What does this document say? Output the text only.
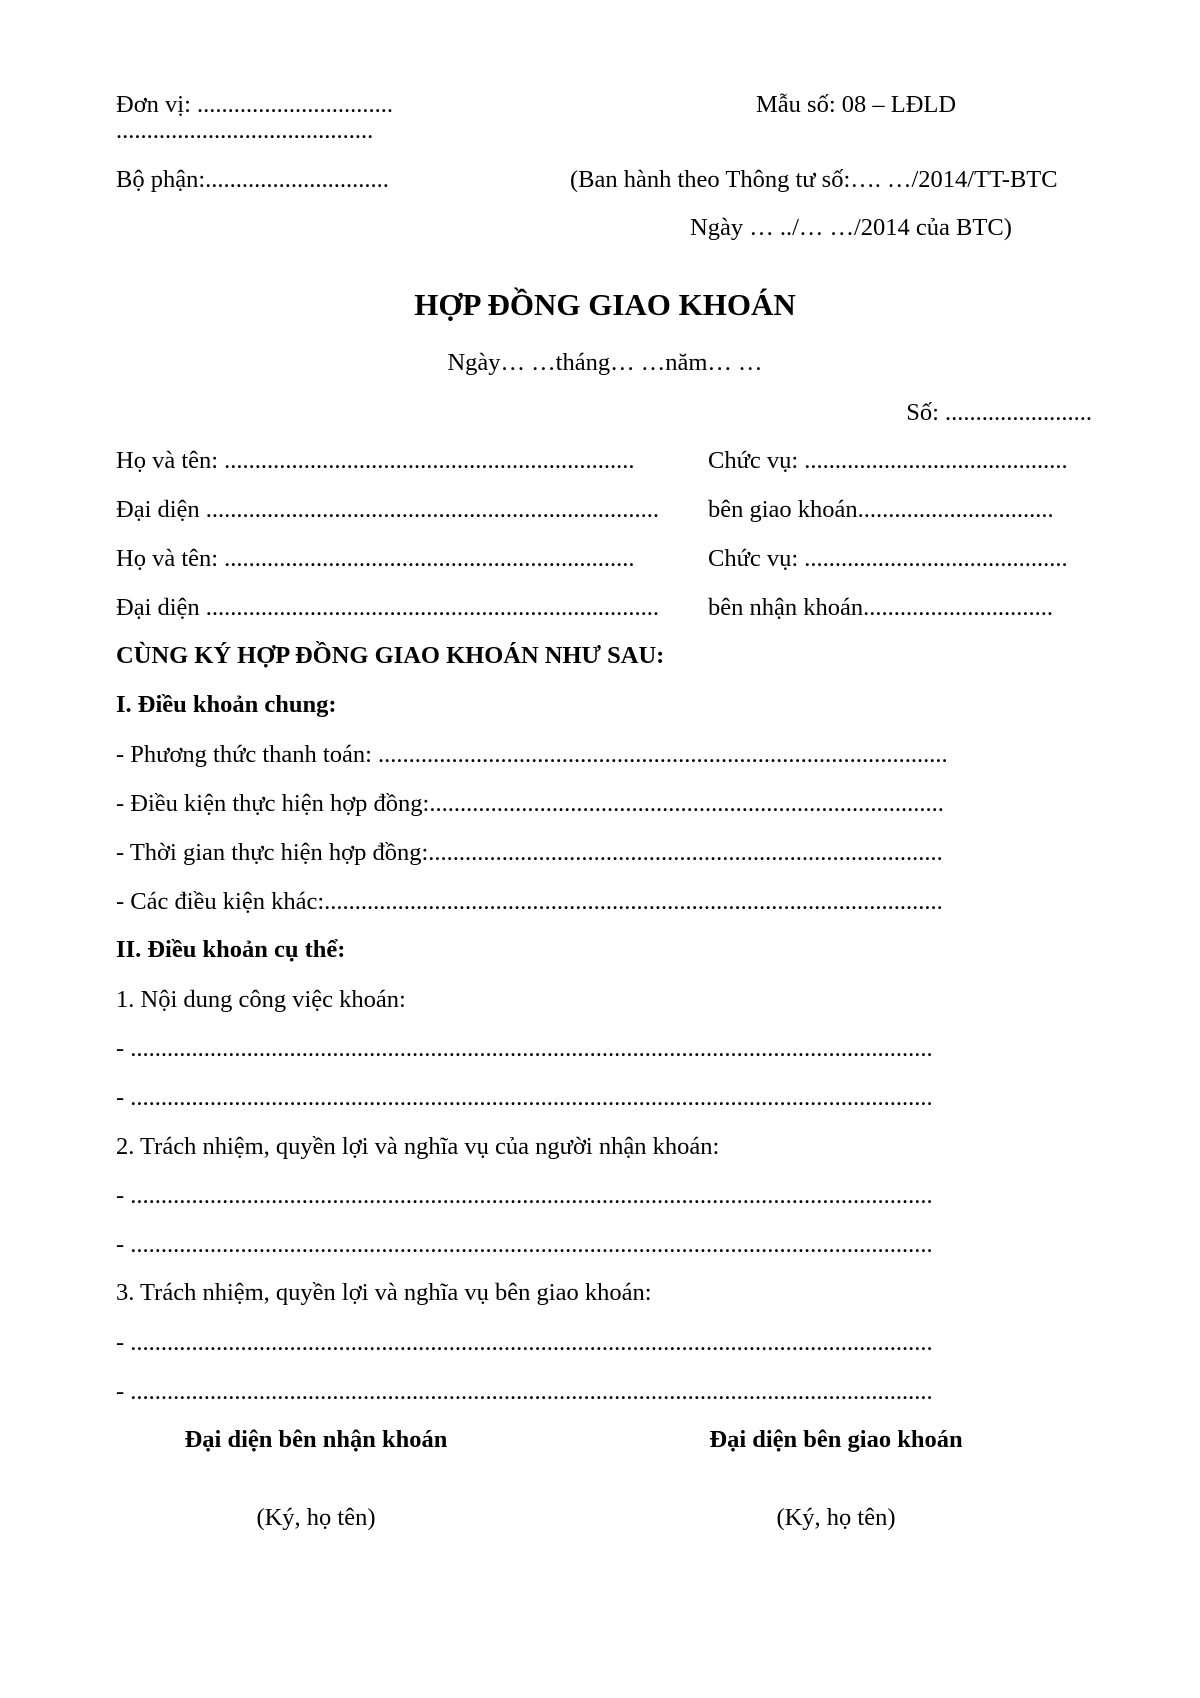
Đơn vị: ................................	Mẫu số: 08 – LĐLD
..........................................
Bộ phận:..............................	(Ban hành theo Thông tư số:…. …/2014/TT-BTC
Ngày … ../… …/2014 của BTC)
HỢP ĐỒNG GIAO KHOÁN
Ngày… …tháng… …năm… …
Số: ........................
Họ và tên: ...................................................................	Chức vụ: ...........................................
Đại diện ..........................................................................	bên giao khoán................................
Họ và tên: ...................................................................	Chức vụ: ...........................................
Đại diện ..........................................................................	bên nhận khoán...............................
CÙNG KÝ HỢP ĐỒNG GIAO KHOÁN NHƯ SAU:
I. Điều khoản chung:
- Phương thức thanh toán: .............................................................................................
- Điều kiện thực hiện hợp đồng:....................................................................................
- Thời gian thực hiện hợp đồng:....................................................................................
- Các điều kiện khác:.....................................................................................................
II. Điều khoản cụ thể:
1. Nội dung công việc khoán:
- ...................................................................................................................................
- ...................................................................................................................................
2. Trách nhiệm, quyền lợi và nghĩa vụ của người nhận khoán:
- ...................................................................................................................................
- ...................................................................................................................................
3. Trách nhiệm, quyền lợi và nghĩa vụ bên giao khoán:
- ...................................................................................................................................
- ...................................................................................................................................
Đại diện bên nhận khoán	Đại diện bên giao khoán
(Ký, họ tên)	(Ký, họ tên)
